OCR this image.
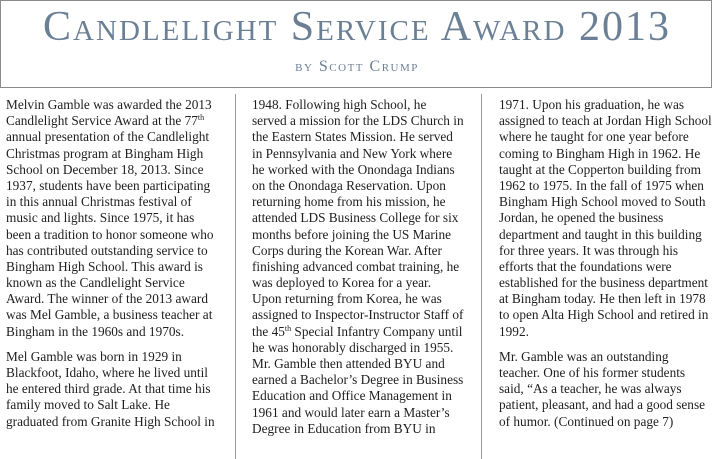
Candlelight Service Award 2013
by Scott Crump
Melvin Gamble was awarded the 2013
Candlelight Service Award at the 77th
annual presentation of the Candlelight
Christmas program at Bingham High
School on December 18, 2013. Since
1937, students have been participating
in this annual Christmas festival of
music and lights. Since 1975, it has
been a tradition to honor someone who
has contributed outstanding service to
Bingham High School. This award is
known as the Candlelight Service
Award. The winner of the 2013 award
was Mel Gamble, a business teacher at
Bingham in the 1960s and 1970s.
Mel Gamble was born in 1929 in
Blackfoot, Idaho, where he lived until
he entered third grade. At that time his
family moved to Salt Lake. He
graduated from Granite High School in
1948. Following high School, he
served a mission for the LDS Church in
the Eastern States Mission. He served
in Pennsylvania and New York where
he worked with the Onondaga Indians
on the Onondaga Reservation. Upon
returning home from his mission, he
attended LDS Business College for six
months before joining the US Marine
Corps during the Korean War. After
finishing advanced combat training, he
was deployed to Korea for a year.
Upon returning from Korea, he was
assigned to Inspector-Instructor Staff of
the 45th Special Infantry Company until
he was honorably discharged in 1955.
Mr. Gamble then attended BYU and
earned a Bachelor’s Degree in Business
Education and Office Management in
1961 and would later earn a Master’s
Degree in Education from BYU in
1971. Upon his graduation, he was
assigned to teach at Jordan High School
where he taught for one year before
coming to Bingham High in 1962. He
taught at the Copperton building from
1962 to 1975. In the fall of 1975 when
Bingham High School moved to South
Jordan, he opened the business
department and taught in this building
for three years. It was through his
efforts that the foundations were
established for the business department
at Bingham today. He then left in 1978
to open Alta High School and retired in
1992.
Mr. Gamble was an outstanding
teacher. One of his former students
said, “As a teacher, he was always
patient, pleasant, and had a good sense
of humor. (Continued on page 7)
